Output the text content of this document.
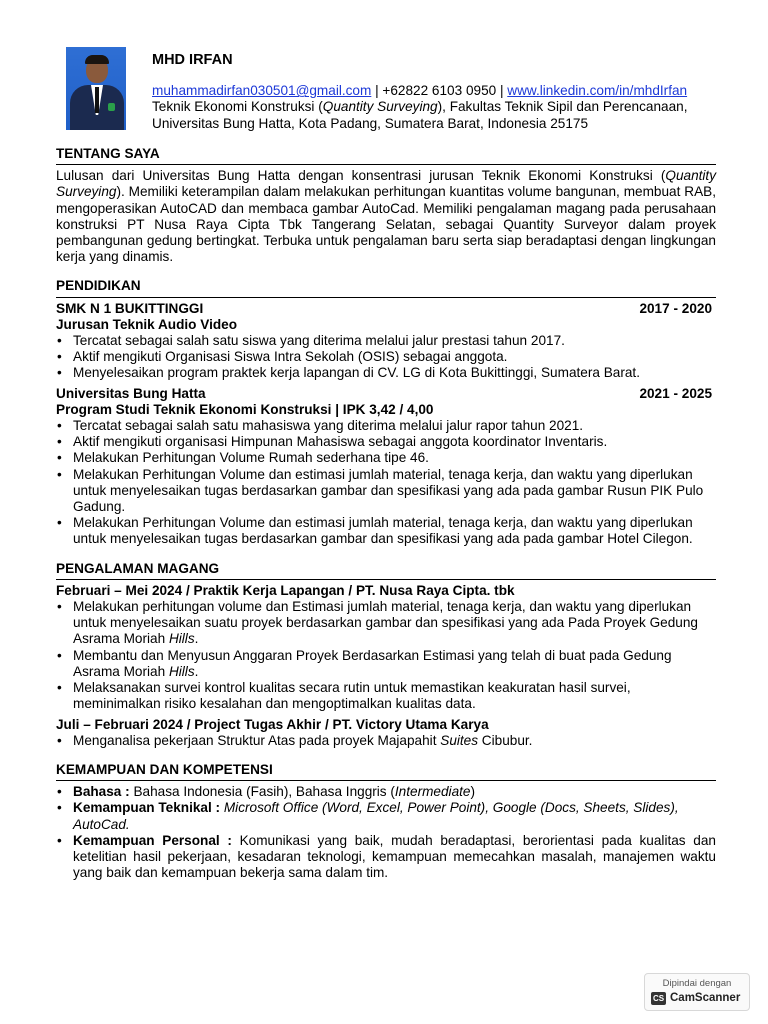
MHD IRFAN
muhammadirfan030501@gmail.com | +62822 6103 0950 | www.linkedin.com/in/mhdIrfan
Teknik Ekonomi Konstruksi (Quantity Surveying), Fakultas Teknik Sipil dan Perencanaan,
Universitas Bung Hatta, Kota Padang, Sumatera Barat, Indonesia 25175
TENTANG SAYA

Lulusan dari Universitas Bung Hatta dengan konsentrasi jurusan Teknik Ekonomi Konstruksi (Quantity Surveying). Memiliki keterampilan dalam melakukan perhitungan kuantitas volume bangunan, membuat RAB, mengoperasikan AutoCAD dan membaca gambar AutoCad. Memiliki pengalaman magang pada perusahaan konstruksi PT Nusa Raya Cipta Tbk Tangerang Selatan, sebagai Quantity Surveyor dalam proyek pembangunan gedung bertingkat. Terbuka untuk pengalaman baru serta siap beradaptasi dengan lingkungan kerja yang dinamis.

PENDIDIKAN
SMK N 1 BUKITTINGGI	2017 - 2020
Jurusan Teknik Audio Video
• Tercatat sebagai salah satu siswa yang diterima melalui jalur prestasi tahun 2017.
• Aktif mengikuti Organisasi Siswa Intra Sekolah (OSIS) sebagai anggota.
• Menyelesaikan program praktek kerja lapangan di CV. LG di Kota Bukittinggi, Sumatera Barat.
Universitas Bung Hatta	2021 - 2025
Program Studi Teknik Ekonomi Konstruksi | IPK 3,42 / 4,00
• Tercatat sebagai salah satu mahasiswa yang diterima melalui jalur rapor tahun 2021.
• Aktif mengikuti organisasi Himpunan Mahasiswa sebagai anggota koordinator Inventaris.
• Melakukan Perhitungan Volume Rumah sederhana tipe 46.
• Melakukan Perhitungan Volume dan estimasi jumlah material, tenaga kerja, dan waktu yang diperlukan untuk menyelesaikan tugas berdasarkan gambar dan spesifikasi yang ada pada gambar Rusun PIK Pulo Gadung.
• Melakukan Perhitungan Volume dan estimasi jumlah material, tenaga kerja, dan waktu yang diperlukan untuk menyelesaikan tugas berdasarkan gambar dan spesifikasi yang ada pada gambar Hotel Cilegon.
PENGALAMAN MAGANG
Februari – Mei 2024 / Praktik Kerja Lapangan / PT. Nusa Raya Cipta. tbk
• Melakukan perhitungan volume dan Estimasi jumlah material, tenaga kerja, dan waktu yang diperlukan untuk menyelesaikan suatu proyek berdasarkan gambar dan spesifikasi yang ada Pada Proyek Gedung Asrama Moriah Hills.
• Membantu dan Menyusun Anggaran Proyek Berdasarkan Estimasi yang telah di buat pada Gedung Asrama Moriah Hills.
• Melaksanakan survei kontrol kualitas secara rutin untuk memastikan keakuratan hasil survei, meminimalkan risiko kesalahan dan mengoptimalkan kualitas data.
Juli – Februari 2024 / Project Tugas Akhir / PT. Victory Utama Karya
• Menganalisa pekerjaan Struktur Atas pada proyek Majapahit Suites Cibubur.
KEMAMPUAN DAN KOMPETENSI
• Bahasa : Bahasa Indonesia (Fasih), Bahasa Inggris (Intermediate)
• Kemampuan Teknikal : Microsoft Office (Word, Excel, Power Point), Google (Docs, Sheets, Slides), AutoCad.
• Kemampuan Personal : Komunikasi yang baik, mudah beradaptasi, berorientasi pada kualitas dan ketelitian hasil pekerjaan, kesadaran teknologi, kemampuan memecahkan masalah, manajemen waktu yang baik dan kemampuan bekerja sama dalam tim.
Dipindai dengan
CS CamScanner
